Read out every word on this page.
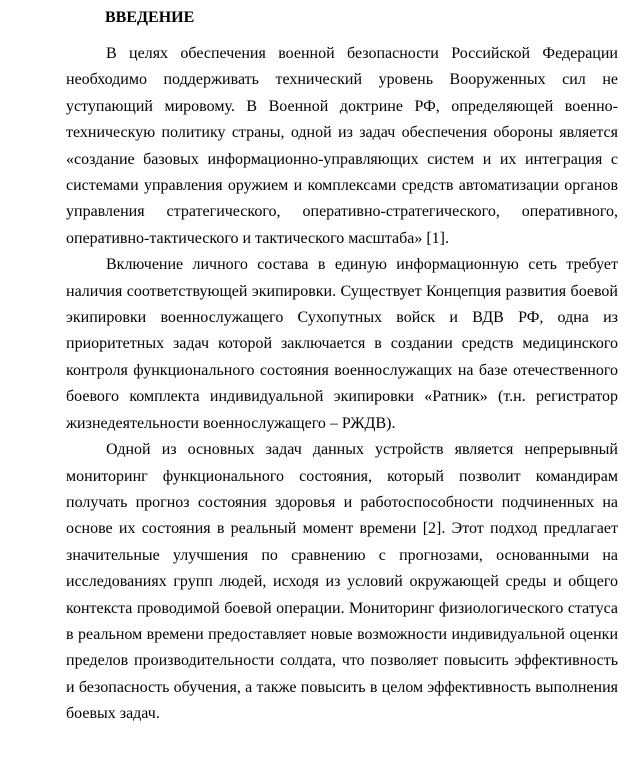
ВВЕДЕНИЕ

В целях обеспечения военной безопасности Российской Федерации необходимо поддерживать технический уровень Вооруженных сил не уступающий мировому. В Военной доктрине РФ, определяющей военно-техническую политику страны, одной из задач обеспечения обороны является «создание базовых информационно-управляющих систем и их интеграция с системами управления оружием и комплексами средств автоматизации органов управления стратегического, оперативно-стратегического, оперативного, оперативно-тактического и тактического масштаба» [1].

Включение личного состава в единую информационную сеть требует наличия соответствующей экипировки. Существует Концепция развития боевой экипировки военнослужащего Сухопутных войск и ВДВ РФ, одна из приоритетных задач которой заключается в создании средств медицинского контроля функционального состояния военнослужащих на базе отечественного боевого комплекта индивидуальной экипировки «Ратник» (т.н. регистратор жизнедеятельности военнослужащего – РЖДВ).

Одной из основных задач данных устройств является непрерывный мониторинг функционального состояния, который позволит командирам получать прогноз состояния здоровья и работоспособности подчиненных на основе их состояния в реальный момент времени [2]. Этот подход предлагает значительные улучшения по сравнению с прогнозами, основанными на исследованиях групп людей, исходя из условий окружающей среды и общего контекста проводимой боевой операции. Мониторинг физиологического статуса в реальном времени предоставляет новые возможности индивидуальной оценки пределов производительности солдата, что позволяет повысить эффективность и безопасность обучения, а также повысить в целом эффективность выполнения боевых задач.
